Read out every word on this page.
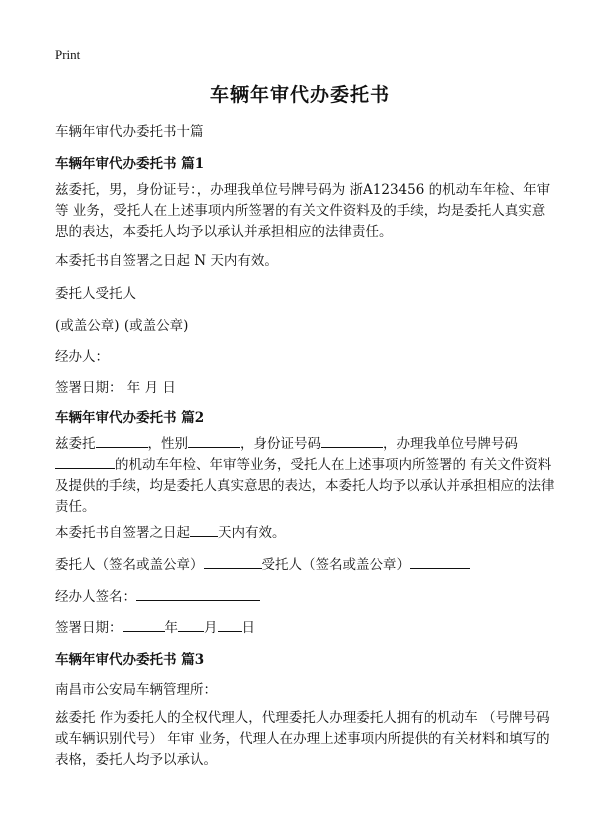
Print
车辆年审代办委托书
车辆年审代办委托书十篇
车辆年审代办委托书 篇1
兹委托，男，身份证号：，办理我单位号牌号码为 浙A123456 的机动车年检、年审等 业务，受托人在上述事项内所签署的有关文件资料及的手续，均是委托人真实意思的表达，本委托人均予以承认并承担相应的法律责任。
本委托书自签署之日起 N 天内有效。
委托人受托人
(或盖公章) (或盖公章)
经办人：
签署日期： 年 月 日
车辆年审代办委托书 篇2
兹委托	，性别	，身份证号码	，办理我单位号牌号码 的机动车年检、年审等业务，受托人在上述事项内所签署的 有关文件资料及提供的手续，均是委托人真实意思的表达，本委托人均予以承认并承担相应的法律责任。
本委托书自签署之日起 天内有效。
委托人（签名或盖公章）	受托人（签名或盖公章）
经办人签名：
签署日期：	年 月 日
车辆年审代办委托书 篇3
南昌市公安局车辆管理所：
兹委托 作为委托人的全权代理人，代理委托人办理委托人拥有的机动车 （号牌号码或车辆识别代号） 年审 业务，代理人在办理上述事项内所提供的有关材料和填写的表格，委托人均予以承认。
